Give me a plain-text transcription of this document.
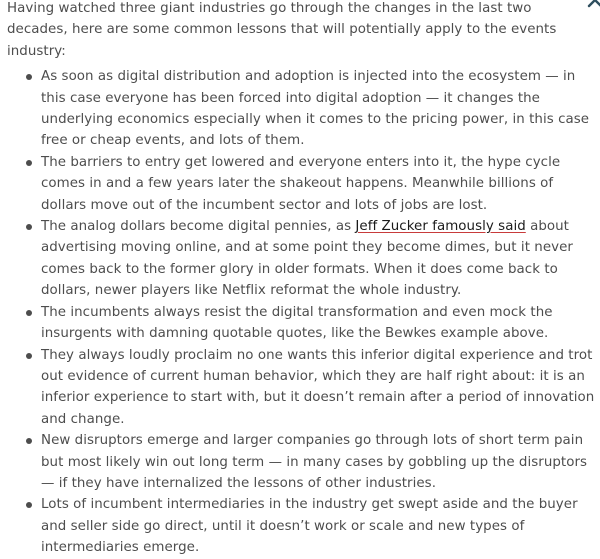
Having watched three giant industries go through the changes in the last two decades, here are some common lessons that will potentially apply to the events industry:

As soon as digital distribution and adoption is injected into the ecosystem — in this case everyone has been forced into digital adoption — it changes the underlying economics especially when it comes to the pricing power, in this case free or cheap events, and lots of them.
The barriers to entry get lowered and everyone enters into it, the hype cycle comes in and a few years later the shakeout happens. Meanwhile billions of dollars move out of the incumbent sector and lots of jobs are lost.
The analog dollars become digital pennies, as Jeff Zucker famously said about advertising moving online, and at some point they become dimes, but it never comes back to the former glory in older formats. When it does come back to dollars, newer players like Netflix reformat the whole industry.
The incumbents always resist the digital transformation and even mock the insurgents with damning quotable quotes, like the Bewkes example above.
They always loudly proclaim no one wants this inferior digital experience and trot out evidence of current human behavior, which they are half right about: it is an inferior experience to start with, but it doesn’t remain after a period of innovation and change.
New disruptors emerge and larger companies go through lots of short term pain but most likely win out long term — in many cases by gobbling up the disruptors — if they have internalized the lessons of other industries.
Lots of incumbent intermediaries in the industry get swept aside and the buyer and seller side go direct, until it doesn’t work or scale and new types of intermediaries emerge.
